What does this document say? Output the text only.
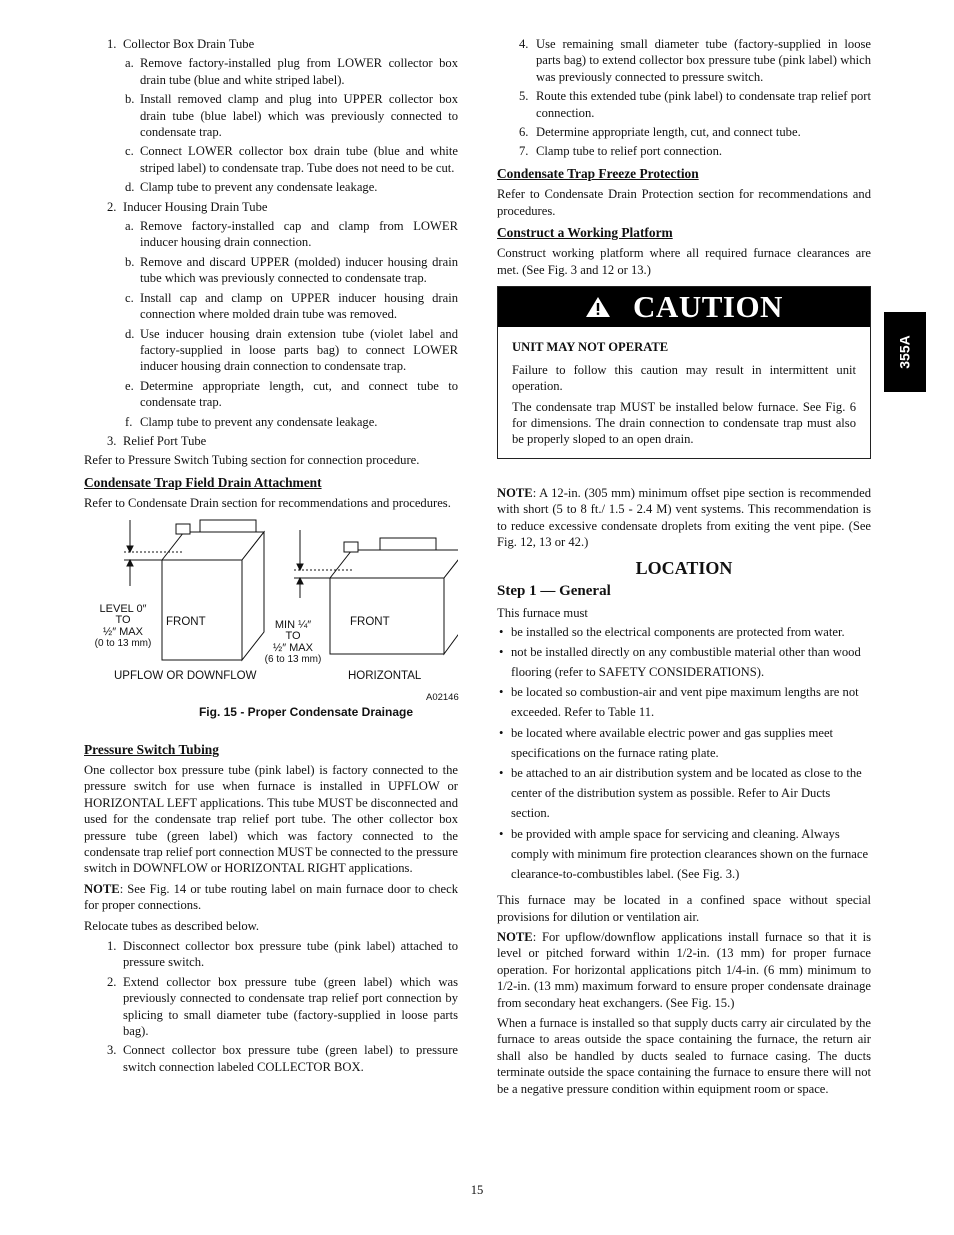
1. Collector Box Drain Tube
a. Remove factory‑installed plug from LOWER collector box drain tube (blue and white striped label).
b. Install removed clamp and plug into UPPER collector box drain tube (blue label) which was previously connected to condensate trap.
c. Connect LOWER collector box drain tube (blue and white striped label) to condensate trap. Tube does not need to be cut.
d. Clamp tube to prevent any condensate leakage.
2. Inducer Housing Drain Tube
a. Remove factory‑installed cap and clamp from LOWER inducer housing drain connection.
b. Remove and discard UPPER (molded) inducer housing drain tube which was previously connected to condensate trap.
c. Install cap and clamp on UPPER inducer housing drain connection where molded drain tube was removed.
d. Use inducer housing drain extension tube (violet label and factory‑supplied in loose parts bag) to connect LOWER inducer housing drain connection to condensate trap.
e. Determine appropriate length, cut, and connect tube to condensate trap.
f. Clamp tube to prevent any condensate leakage.
3. Relief Port Tube

Refer to Pressure Switch Tubing section for connection procedure.

Condensate Trap Field Drain Attachment

Refer to Condensate Drain section for recommendations and procedures.

LEVEL 0″
TO
½″ MAX
(0 to 13 mm)
FRONT	MIN ¼″
TO
½″ MAX
(6 to 13 mm)
FRONT
UPFLOW OR DOWNFLOW	HORIZONTAL
A02146
Fig. 15 ‑ Proper Condensate Drainage
Pressure Switch Tubing

One collector box pressure tube (pink label) is factory connected to the pressure switch for use when furnace is installed in UPFLOW or HORIZONTAL LEFT applications. This tube MUST be disconnected and used for the condensate trap relief port tube. The other collector box pressure tube (green label) which was factory connected to the condensate trap relief port connection MUST be connected to the pressure switch in DOWNFLOW or HORIZONTAL RIGHT applications.

NOTE: See Fig. 14 or tube routing label on main furnace door to check for proper connections.

Relocate tubes as described below.

1. Disconnect collector box pressure tube (pink label) attached to pressure switch.
2. Extend collector box pressure tube (green label) which was previously connected to condensate trap relief port connection by splicing to small diameter tube (factory‑supplied in loose parts bag).
3. Connect collector box pressure tube (green label) to pressure switch connection labeled COLLECTOR BOX.
4. Use remaining small diameter tube (factory‑supplied in loose parts bag) to extend collector box pressure tube (pink label) which was previously connected to pressure switch.
5. Route this extended tube (pink label) to condensate trap relief port connection.
6. Determine appropriate length, cut, and connect tube.
7. Clamp tube to relief port connection.
Condensate Trap Freeze Protection

Refer to Condensate Drain Protection section for recommendations and procedures.

Construct a Working Platform

Construct working platform where all required furnace clearances are met. (See Fig. 3 and 12 or 13.)

CAUTION
UNIT MAY NOT OPERATE

Failure to follow this caution may result in intermittent unit operation.

The condensate trap MUST be installed below furnace. See Fig. 6 for dimensions. The drain connection to condensate trap must also be properly sloped to an open drain.

NOTE: A 12‑in. (305 mm) minimum offset pipe section is recommended with short (5 to 8 ft./ 1.5 ‑ 2.4 M) vent systems. This recommendation is to reduce excessive condensate droplets from exiting the vent pipe. (See Fig. 12, 13 or 42.)

LOCATION
Step 1 — General

This furnace must

• be installed so the electrical components are protected from water.
• not be installed directly on any combustible material other than wood flooring (refer to SAFETY CONSIDERATIONS).
• be located so combustion‑air and vent pipe maximum lengths are not exceeded. Refer to Table 11.
• be located where available electric power and gas supplies meet specifications on the furnace rating plate.
• be attached to an air distribution system and be located as close to the center of the distribution system as possible. Refer to Air Ducts section.
• be provided with ample space for servicing and cleaning. Always comply with minimum fire protection clearances shown on the furnace clearance‑to‑combustibles label. (See Fig. 3.)

This furnace may be located in a confined space without special provisions for dilution or ventilation air.

NOTE: For upflow/downflow applications install furnace so that it is level or pitched forward within 1/2‑in. (13 mm) for proper furnace operation. For horizontal applications pitch 1/4‑in. (6 mm) minimum to 1/2‑in. (13 mm) maximum forward to ensure proper condensate drainage from secondary heat exchangers. (See Fig. 15.)

When a furnace is installed so that supply ducts carry air circulated by the furnace to areas outside the space containing the furnace, the return air shall also be handled by ducts sealed to furnace casing. The ducts terminate outside the space containing the furnace to ensure there will not be a negative pressure condition within equipment room or space.

355A
15
